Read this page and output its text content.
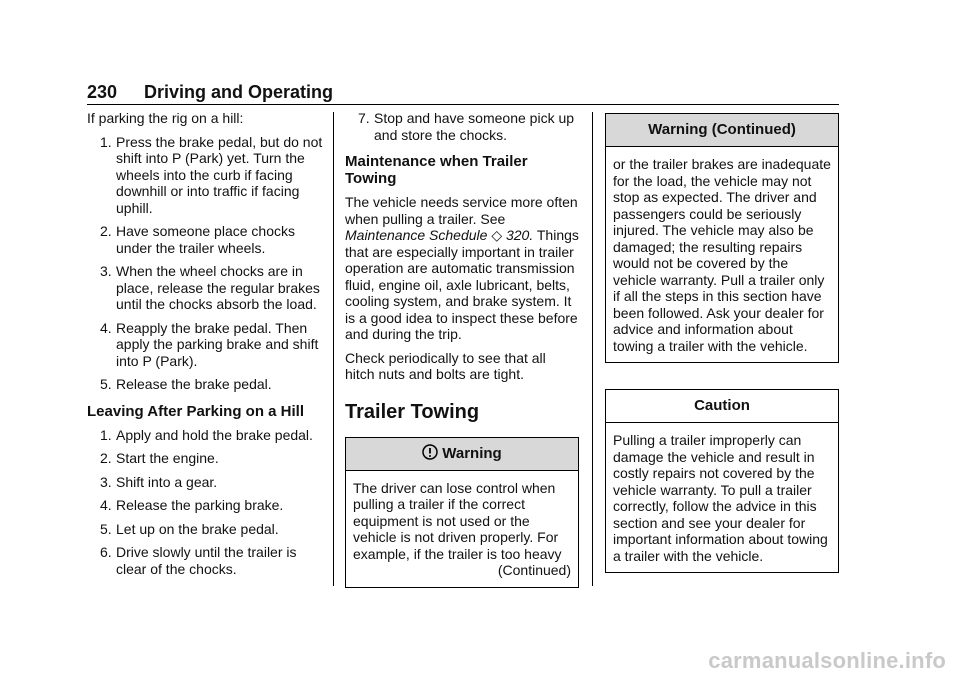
230 Driving and Operating

If parking the rig on a hill:

1. Press the brake pedal, but do not shift into P (Park) yet. Turn the wheels into the curb if facing downhill or into traffic if facing uphill.
2. Have someone place chocks under the trailer wheels.
3. When the wheel chocks are in place, release the regular brakes until the chocks absorb the load.
4. Reapply the brake pedal. Then apply the parking brake and shift into P (Park).
5. Release the brake pedal.
Leaving After Parking on a Hill
1. Apply and hold the brake pedal.
2. Start the engine.
3. Shift into a gear.
4. Release the parking brake.
5. Let up on the brake pedal.
6. Drive slowly until the trailer is clear of the chocks.
7. Stop and have someone pick up and store the chocks.
Maintenance when Trailer Towing

The vehicle needs service more often when pulling a trailer. See Maintenance Schedule ◇ 320. Things that are especially important in trailer operation are automatic transmission fluid, engine oil, axle lubricant, belts, cooling system, and brake system. It is a good idea to inspect these before and during the trip.

Check periodically to see that all hitch nuts and bolts are tight.

Trailer Towing
Warning
The driver can lose control when pulling a trailer if the correct equipment is not used or the vehicle is not driven properly. For example, if the trailer is too heavy
(Continued)
Warning (Continued)
or the trailer brakes are inadequate for the load, the vehicle may not stop as expected. The driver and passengers could be seriously injured. The vehicle may also be damaged; the resulting repairs would not be covered by the vehicle warranty. Pull a trailer only if all the steps in this section have been followed. Ask your dealer for advice and information about towing a trailer with the vehicle.
Caution
Pulling a trailer improperly can damage the vehicle and result in costly repairs not covered by the vehicle warranty. To pull a trailer correctly, follow the advice in this section and see your dealer for important information about towing a trailer with the vehicle.
carmanualsonline.info
